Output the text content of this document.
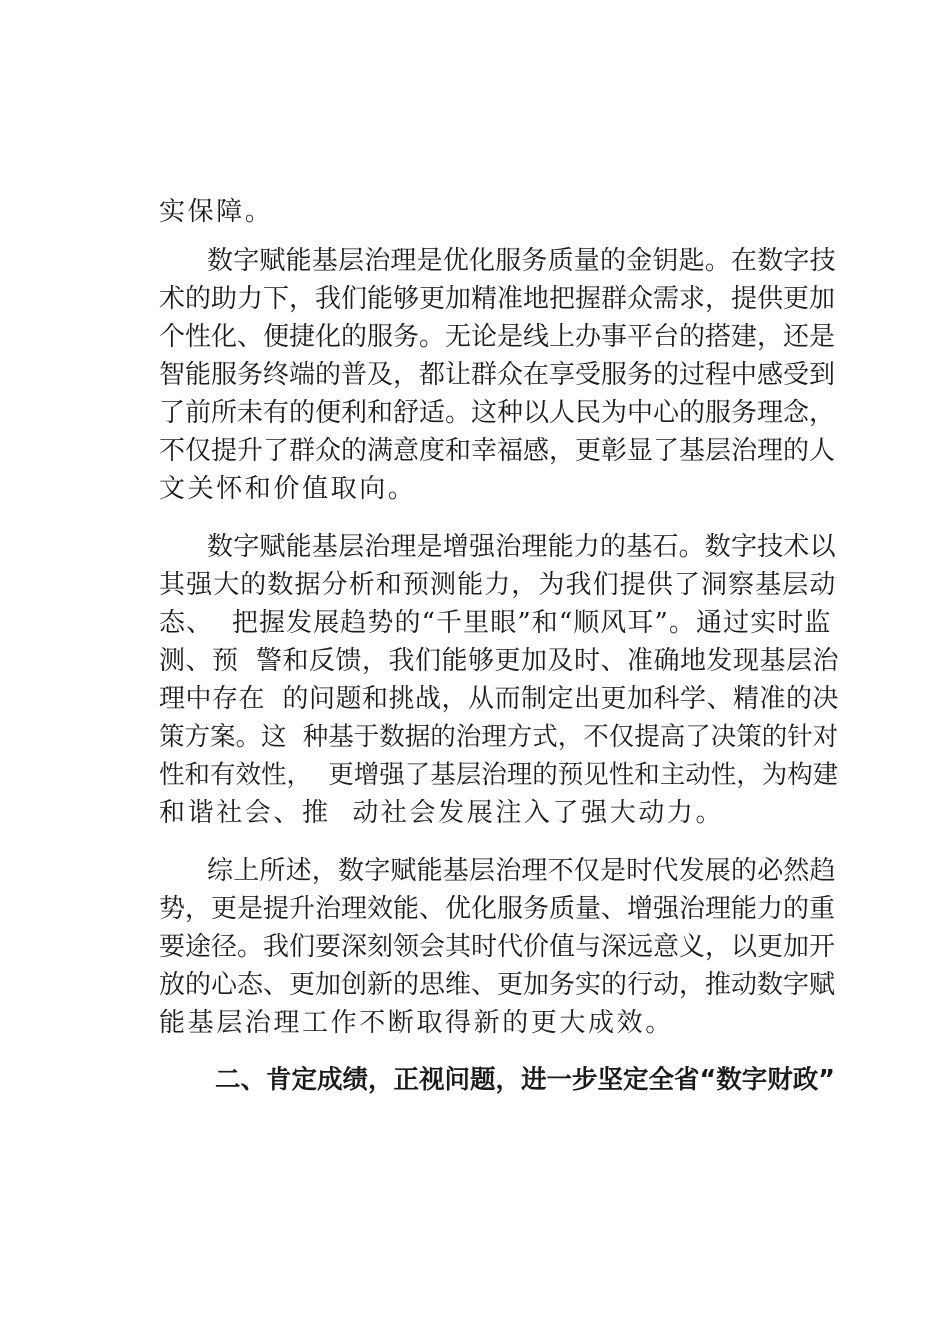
实保障。
数字赋能基层治理是优化服务质量的金钥匙。在数字技
术的助力下，我们能够更加精准地把握群众需求，提供更加
个性化、便捷化的服务。无论是线上办事平台的搭建，还是
智能服务终端的普及，都让群众在享受服务的过程中感受到
了前所未有的便利和舒适。这种以人民为中心的服务理念，
不仅提升了群众的满意度和幸福感，更彰显了基层治理的人
文关怀和价值取向。
数字赋能基层治理是增强治理能力的基石。数字技术以
其强大的数据分析和预测能力，为我们提供了洞察基层动
态、  把握发展趋势的“千里眼”和“顺风耳”。通过实时监
测、预  警和反馈，我们能够更加及时、准确地发现基层治
理中存在  的问题和挑战，从而制定出更加科学、精准的决
策方案。这  种基于数据的治理方式，不仅提高了决策的针对
性和有效性，  更增强了基层治理的预见性和主动性，为构建
和谐社会、推  动社会发展注入了强大动力。
综上所述，数字赋能基层治理不仅是时代发展的必然趋
势，更是提升治理效能、优化服务质量、增强治理能力的重
要途径。我们要深刻领会其时代价值与深远意义，以更加开
放的心态、更加创新的思维、更加务实的行动，推动数字赋
能基层治理工作不断取得新的更大成效。
二、肯定成绩，正视问题，进一步坚定全省“数字财政”
